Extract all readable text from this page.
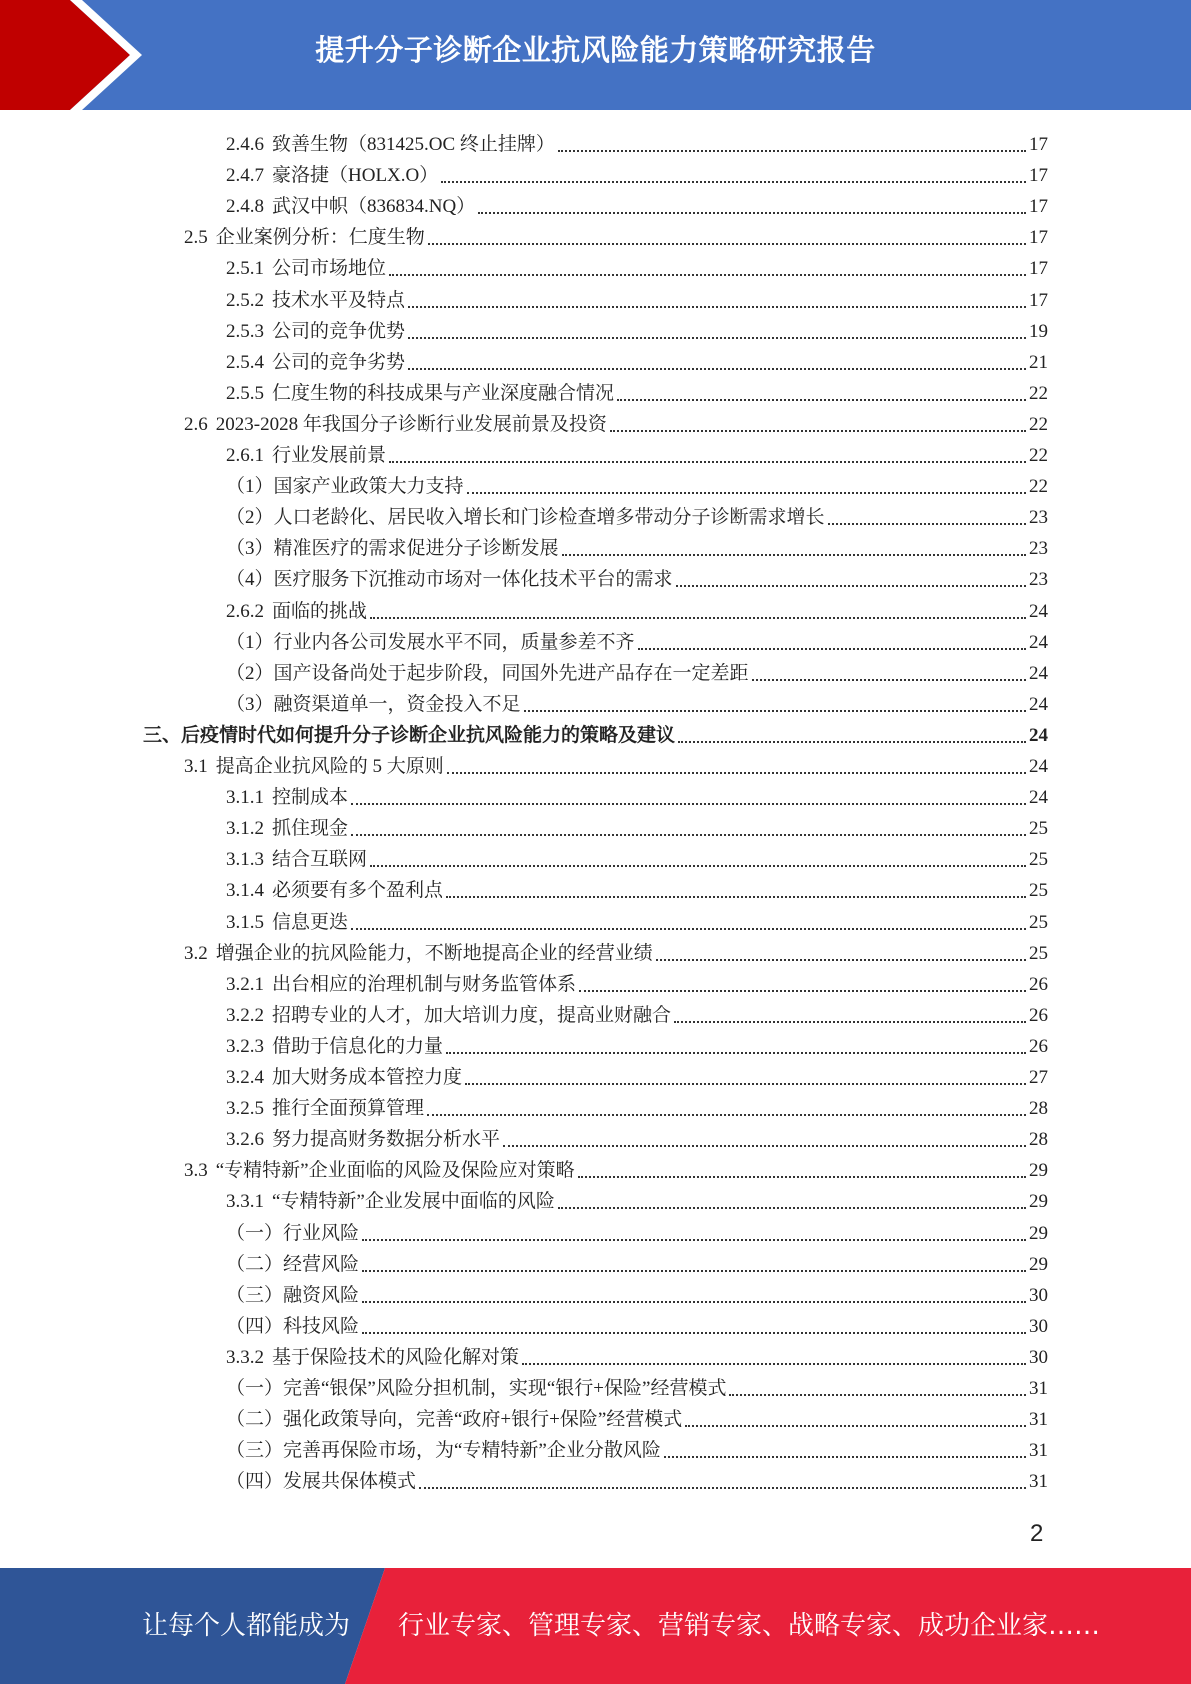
提升分子诊断企业抗风险能力策略研究报告
2.4.6 致善生物（831425.OC 终止挂牌）	17
2.4.7 豪洛捷（HOLX.O）	17
2.4.8 武汉中帜（836834.NQ）	17
2.5 企业案例分析：仁度生物	17
2.5.1 公司市场地位	17
2.5.2 技术水平及特点	17
2.5.3 公司的竞争优势	19
2.5.4 公司的竞争劣势	21
2.5.5 仁度生物的科技成果与产业深度融合情况	22
2.6 2023-2028 年我国分子诊断行业发展前景及投资	22
2.6.1 行业发展前景	22
（1）国家产业政策大力支持	22
（2）人口老龄化、居民收入增长和门诊检查增多带动分子诊断需求增长	23
（3）精准医疗的需求促进分子诊断发展	23
（4）医疗服务下沉推动市场对一体化技术平台的需求	23
2.6.2 面临的挑战	24
（1）行业内各公司发展水平不同，质量参差不齐	24
（2）国产设备尚处于起步阶段，同国外先进产品存在一定差距	24
（3）融资渠道单一，资金投入不足	24
三、后疫情时代如何提升分子诊断企业抗风险能力的策略及建议	24
3.1 提高企业抗风险的 5 大原则	24
3.1.1 控制成本	24
3.1.2 抓住现金	25
3.1.3 结合互联网	25
3.1.4 必须要有多个盈利点	25
3.1.5 信息更迭	25
3.2 增强企业的抗风险能力，不断地提高企业的经营业绩	25
3.2.1 出台相应的治理机制与财务监管体系	26
3.2.2 招聘专业的人才，加大培训力度，提高业财融合	26
3.2.3 借助于信息化的力量	26
3.2.4 加大财务成本管控力度	27
3.2.5 推行全面预算管理	28
3.2.6 努力提高财务数据分析水平	28
3.3 “专精特新”企业面临的风险及保险应对策略	29
3.3.1 “专精特新”企业发展中面临的风险	29
（一）行业风险	29
（二）经营风险	29
（三）融资风险	30
（四）科技风险	30
3.3.2 基于保险技术的风险化解对策	30
（一）完善“银保”风险分担机制，实现“银行+保险”经营模式	31
（二）强化政策导向，完善“政府+银行+保险”经营模式	31
（三）完善再保险市场，为“专精特新”企业分散风险	31
（四）发展共保体模式	31
2
让每个人都能成为 行业专家、管理专家、营销专家、战略专家、成功企业家……
